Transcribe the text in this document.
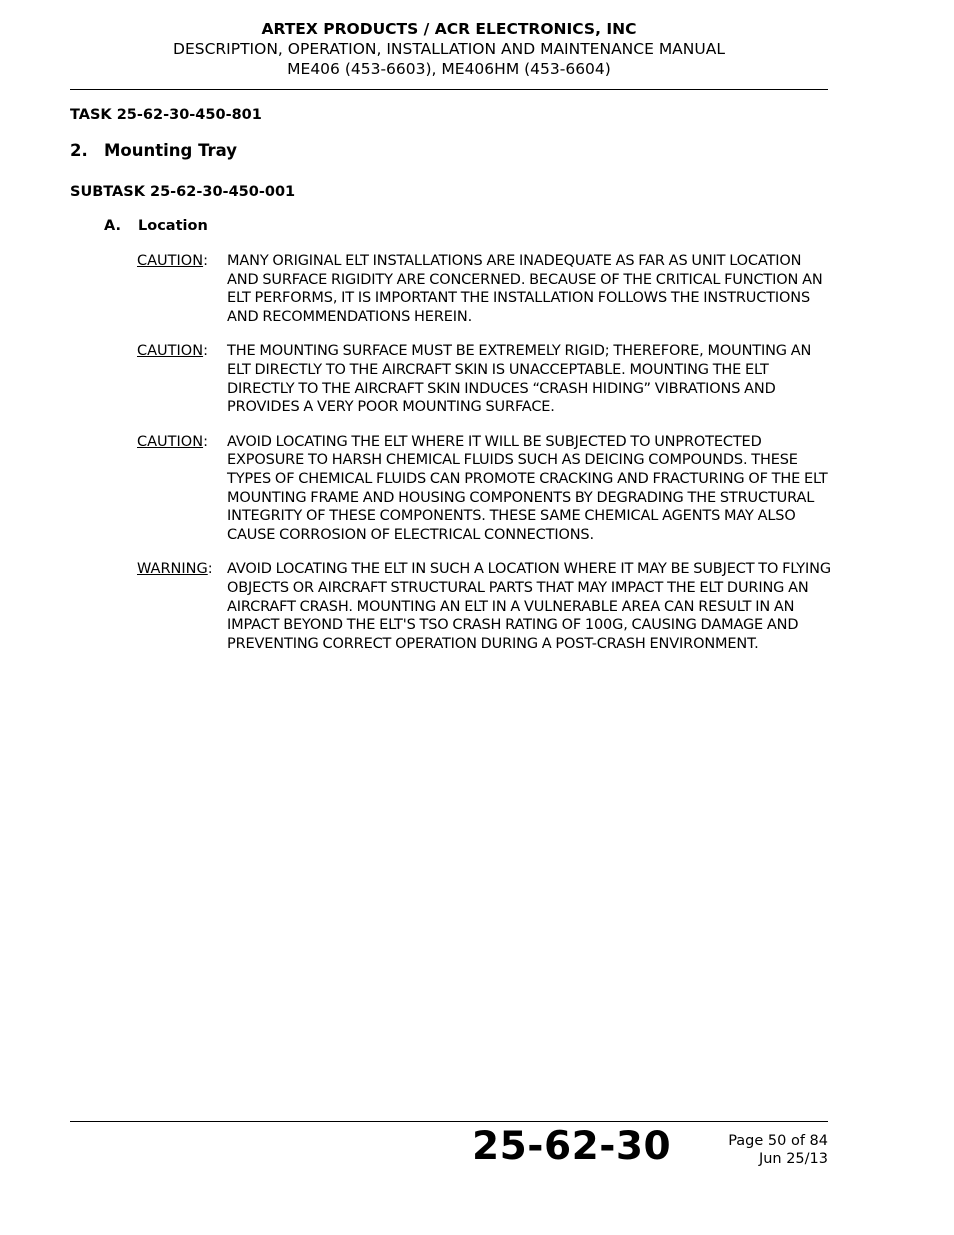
ARTEX PRODUCTS / ACR ELECTRONICS, INC
DESCRIPTION, OPERATION, INSTALLATION AND MAINTENANCE MANUAL
ME406 (453-6603), ME406HM (453-6604)
TASK 25-62-30-450-801
2. Mounting Tray
SUBTASK 25-62-30-450-001
A. Location
CAUTION:	MANY ORIGINAL ELT INSTALLATIONS ARE INADEQUATE AS FAR AS UNIT LOCATION AND SURFACE RIGIDITY ARE CONCERNED. BECAUSE OF THE CRITICAL FUNCTION AN ELT PERFORMS, IT IS IMPORTANT THE INSTALLATION FOLLOWS THE INSTRUCTIONS AND RECOMMENDATIONS HEREIN.
CAUTION:	THE MOUNTING SURFACE MUST BE EXTREMELY RIGID; THEREFORE, MOUNTING AN ELT DIRECTLY TO THE AIRCRAFT SKIN IS UNACCEPTABLE. MOUNTING THE ELT DIRECTLY TO THE AIRCRAFT SKIN INDUCES “CRASH HIDING” VIBRATIONS AND PROVIDES A VERY POOR MOUNTING SURFACE.
CAUTION:	AVOID LOCATING THE ELT WHERE IT WILL BE SUBJECTED TO UNPROTECTED EXPOSURE TO HARSH CHEMICAL FLUIDS SUCH AS DEICING COMPOUNDS. THESE TYPES OF CHEMICAL FLUIDS CAN PROMOTE CRACKING AND FRACTURING OF THE ELT MOUNTING FRAME AND HOUSING COMPONENTS BY DEGRADING THE STRUCTURAL INTEGRITY OF THESE COMPONENTS. THESE SAME CHEMICAL AGENTS MAY ALSO CAUSE CORROSION OF ELECTRICAL CONNECTIONS.
WARNING: AVOID LOCATING THE ELT IN SUCH A LOCATION WHERE IT MAY BE SUBJECT TO FLYING OBJECTS OR AIRCRAFT STRUCTURAL PARTS THAT MAY IMPACT THE ELT DURING AN AIRCRAFT CRASH. MOUNTING AN ELT IN A VULNERABLE AREA CAN RESULT IN AN IMPACT BEYOND THE ELT'S TSO CRASH RATING OF 100G, CAUSING DAMAGE AND PREVENTING CORRECT OPERATION DURING A POST-CRASH ENVIRONMENT.
25-62-30	Page 50 of 84
Jun 25/13
